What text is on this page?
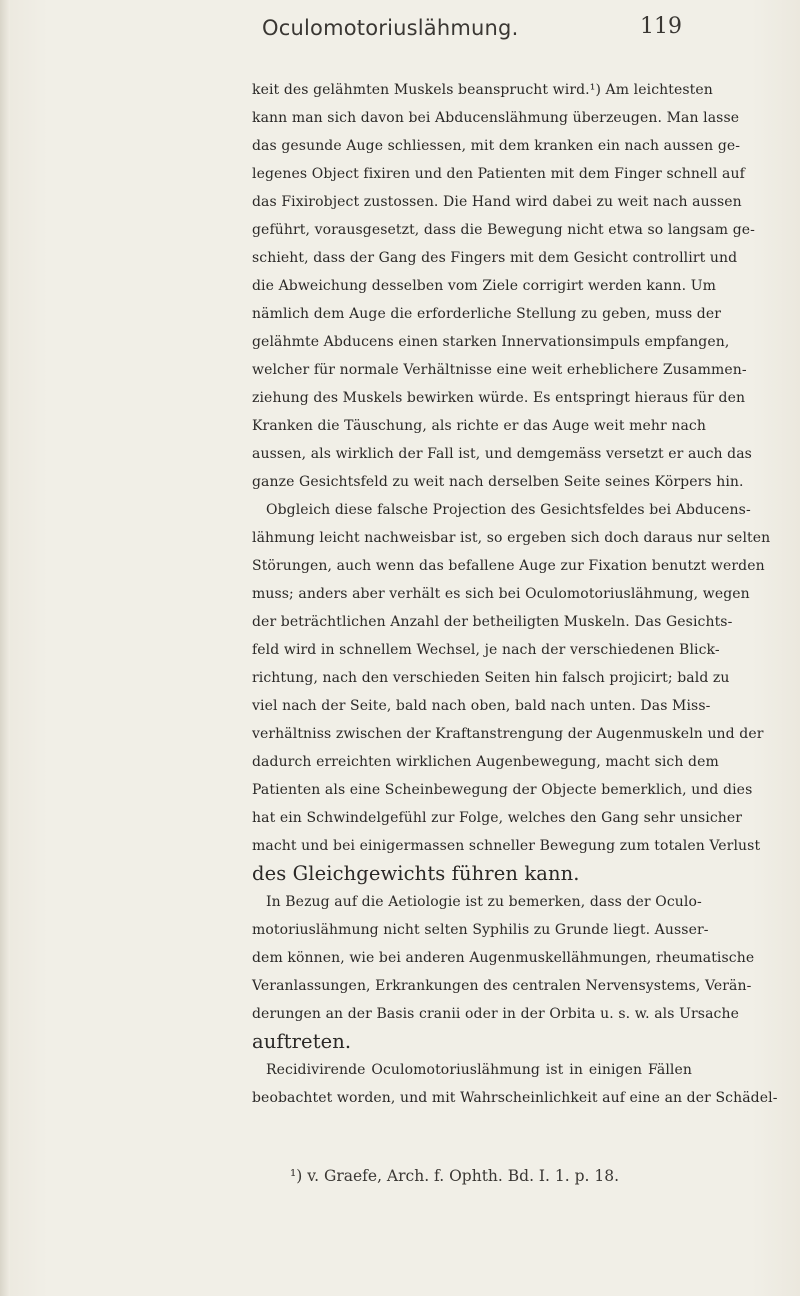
Oculomotoriuslähmung.	119
keit des gelähmten Muskels beansprucht wird.¹) Am leichtesten
kann man sich davon bei Abducenslähmung überzeugen. Man lasse
das gesunde Auge schliessen, mit dem kranken ein nach aussen ge-
legenes Object fixiren und den Patienten mit dem Finger schnell auf
das Fixirobject zustossen. Die Hand wird dabei zu weit nach aussen
geführt, vorausgesetzt, dass die Bewegung nicht etwa so langsam ge-
schieht, dass der Gang des Fingers mit dem Gesicht controllirt und
die Abweichung desselben vom Ziele corrigirt werden kann. Um
nämlich dem Auge die erforderliche Stellung zu geben, muss der
gelähmte Abducens einen starken Innervationsimpuls empfangen,
welcher für normale Verhältnisse eine weit erheblichere Zusammen-
ziehung des Muskels bewirken würde. Es entspringt hieraus für den
Kranken die Täuschung, als richte er das Auge weit mehr nach
aussen, als wirklich der Fall ist, und demgemäss versetzt er auch das
ganze Gesichtsfeld zu weit nach derselben Seite seines Körpers hin.
Obgleich diese falsche Projection des Gesichtsfeldes bei Abducens-
lähmung leicht nachweisbar ist, so ergeben sich doch daraus nur selten
Störungen, auch wenn das befallene Auge zur Fixation benutzt werden
muss; anders aber verhält es sich bei Oculomotoriuslähmung, wegen
der beträchtlichen Anzahl der betheiligten Muskeln. Das Gesichts-
feld wird in schnellem Wechsel, je nach der verschiedenen Blick-
richtung, nach den verschieden Seiten hin falsch projicirt; bald zu
viel nach der Seite, bald nach oben, bald nach unten. Das Miss-
verhältniss zwischen der Kraftanstrengung der Augenmuskeln und der
dadurch erreichten wirklichen Augenbewegung, macht sich dem
Patienten als eine Scheinbewegung der Objecte bemerklich, und dies
hat ein Schwindelgefühl zur Folge, welches den Gang sehr unsicher
macht und bei einigermassen schneller Bewegung zum totalen Verlust
des Gleichgewichts führen kann.
In Bezug auf die Aetiologie ist zu bemerken, dass der Oculo-
motoriuslähmung nicht selten Syphilis zu Grunde liegt. Ausser-
dem können, wie bei anderen Augenmuskellähmungen, rheumatische
Veranlassungen, Erkrankungen des centralen Nervensystems, Verän-
derungen an der Basis cranii oder in der Orbita u. s. w. als Ursache
auftreten.
Recidivirende Oculomotoriuslähmung ist in einigen Fällen
beobachtet worden, und mit Wahrscheinlichkeit auf eine an der Schädel-
¹) v. Graefe, Arch. f. Ophth. Bd. I. 1. p. 18.
